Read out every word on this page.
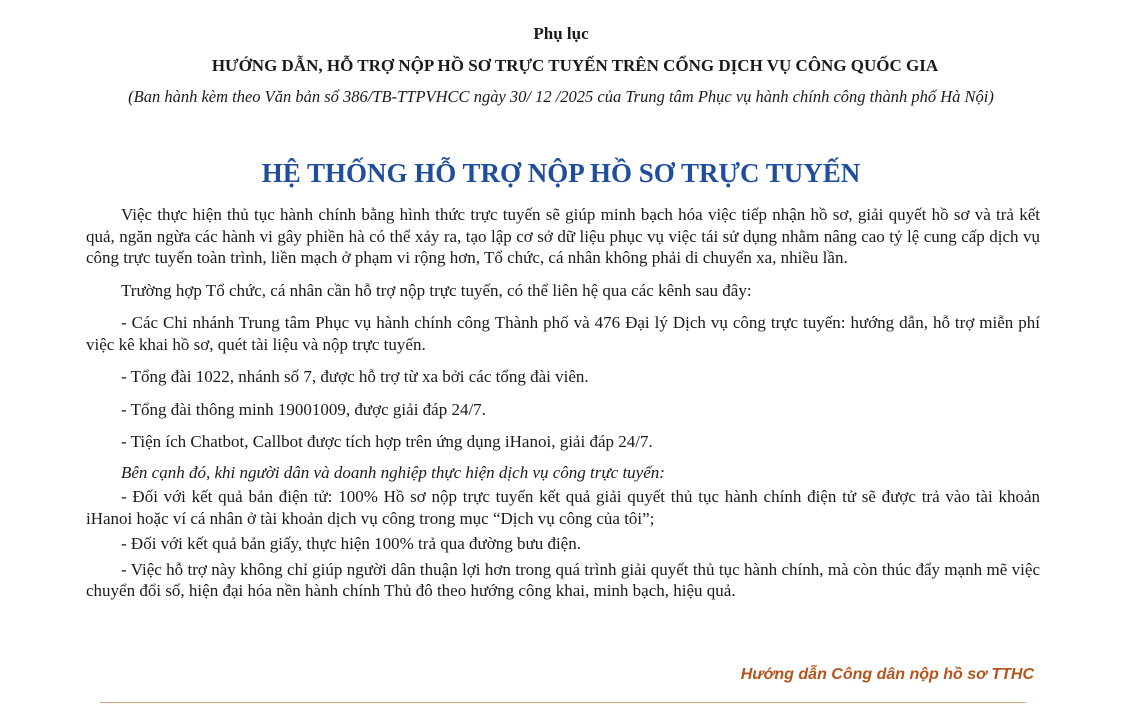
Phụ lục
HƯỚNG DẪN, HỖ TRỢ NỘP HỒ SƠ TRỰC TUYẾN TRÊN CỔNG DỊCH VỤ CÔNG QUỐC GIA
(Ban hành kèm theo Văn bản số 386/TB-TTPVHCC ngày 30/ 12 /2025 của Trung tâm Phục vụ hành chính công thành phố Hà Nội)
HỆ THỐNG HỖ TRỢ NỘP HỒ SƠ TRỰC TUYẾN

Việc thực hiện thủ tục hành chính bằng hình thức trực tuyến sẽ giúp minh bạch hóa việc tiếp nhận hồ sơ, giải quyết hồ sơ và trả kết quả, ngăn ngừa các hành vi gây phiền hà có thể xảy ra, tạo lập cơ sở dữ liệu phục vụ việc tái sử dụng nhằm nâng cao tỷ lệ cung cấp dịch vụ công trực tuyến toàn trình, liền mạch ở phạm vi rộng hơn, Tổ chức, cá nhân không phải di chuyển xa, nhiều lần.

Trường hợp Tổ chức, cá nhân cần hỗ trợ nộp trực tuyến, có thể liên hệ qua các kênh sau đây:

- Các Chi nhánh Trung tâm Phục vụ hành chính công Thành phố và 476 Đại lý Dịch vụ công trực tuyến: hướng dẫn, hỗ trợ miễn phí việc kê khai hồ sơ, quét tài liệu và nộp trực tuyến.

- Tổng đài 1022, nhánh số 7, được hỗ trợ từ xa bởi các tổng đài viên.

- Tổng đài thông minh 19001009, được giải đáp 24/7.

- Tiện ích Chatbot, Callbot được tích hợp trên ứng dụng iHanoi, giải đáp 24/7.

Bên cạnh đó, khi người dân và doanh nghiệp thực hiện dịch vụ công trực tuyến:

- Đối với kết quả bản điện tử: 100% Hồ sơ nộp trực tuyến kết quả giải quyết thủ tục hành chính điện tử sẽ được trả vào tài khoản iHanoi hoặc ví cá nhân ở tài khoản dịch vụ công trong mục “Dịch vụ công của tôi”;

- Đối với kết quả bản giấy, thực hiện 100% trả qua đường bưu điện.

- Việc hỗ trợ này không chỉ giúp người dân thuận lợi hơn trong quá trình giải quyết thủ tục hành chính, mà còn thúc đẩy mạnh mẽ việc chuyển đổi số, hiện đại hóa nền hành chính Thủ đô theo hướng công khai, minh bạch, hiệu quả.

Hướng dẫn Công dân nộp hồ sơ TTHC
